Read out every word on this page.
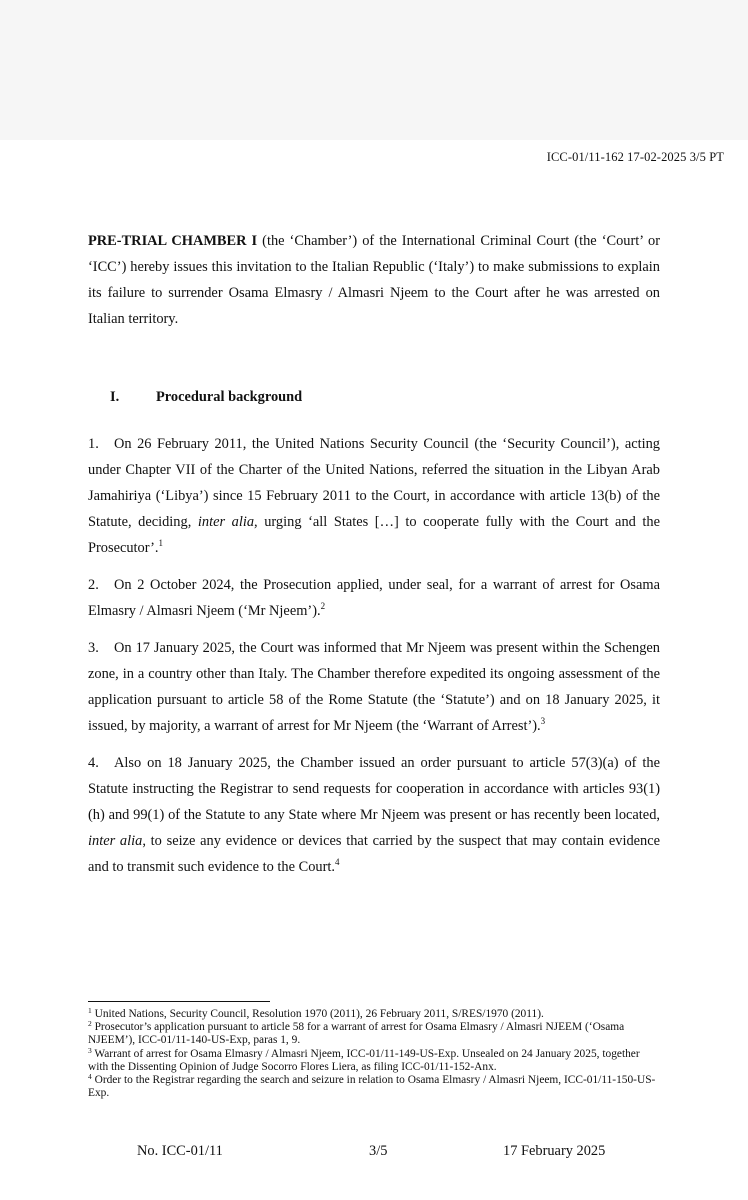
ICC-01/11-162 17-02-2025 3/5 PT

PRE-TRIAL CHAMBER I (the ‘Chamber’) of the International Criminal Court (the ‘Court’ or ‘ICC’) hereby issues this invitation to the Italian Republic (‘Italy’) to make submissions to explain its failure to surrender Osama Elmasry / Almasri Njeem to the Court after he was arrested on Italian territory.

I.	Procedural background

1. On 26 February 2011, the United Nations Security Council (the ‘Security Council’), acting under Chapter VII of the Charter of the United Nations, referred the situation in the Libyan Arab Jamahiriya (‘Libya’) since 15 February 2011 to the Court, in accordance with article 13(b) of the Statute, deciding, inter alia, urging ‘all States […] to cooperate fully with the Court and the Prosecutor’.$^1$

2. On 2 October 2024, the Prosecution applied, under seal, for a warrant of arrest for Osama Elmasry / Almasri Njeem (‘Mr Njeem’).$^2$

3. On 17 January 2025, the Court was informed that Mr Njeem was present within the Schengen zone, in a country other than Italy. The Chamber therefore expedited its ongoing assessment of the application pursuant to article 58 of the Rome Statute (the ‘Statute’) and on 18 January 2025, it issued, by majority, a warrant of arrest for Mr Njeem (the ‘Warrant of Arrest’).$^3$

4. Also on 18 January 2025, the Chamber issued an order pursuant to article 57(3)(a) of the Statute instructing the Registrar to send requests for cooperation in accordance with articles 93(1)(h) and 99(1) of the Statute to any State where Mr Njeem was present or has recently been located, inter alia, to seize any evidence or devices that carried by the suspect that may contain evidence and to transmit such evidence to the Court.$^4$

$^1$ United Nations, Security Council, Resolution 1970 (2011), 26 February 2011, S/RES/1970 (2011).

$^2$ Prosecutor’s application pursuant to article 58 for a warrant of arrest for Osama Elmasry / Almasri NJEEM (‘Osama NJEEM’), ICC-01/11-140-US-Exp, paras 1, 9.

$^3$ Warrant of arrest for Osama Elmasry / Almasri Njeem, ICC-01/11-149-US-Exp. Unsealed on 24 January 2025, together with the Dissenting Opinion of Judge Socorro Flores Liera, as filing ICC-01/11-152-Anx.

$^4$ Order to the Registrar regarding the search and seizure in relation to Osama Elmasry / Almasri Njeem, ICC-01/11-150-US-Exp.

No. ICC-01/11	3/5	17 February 2025
